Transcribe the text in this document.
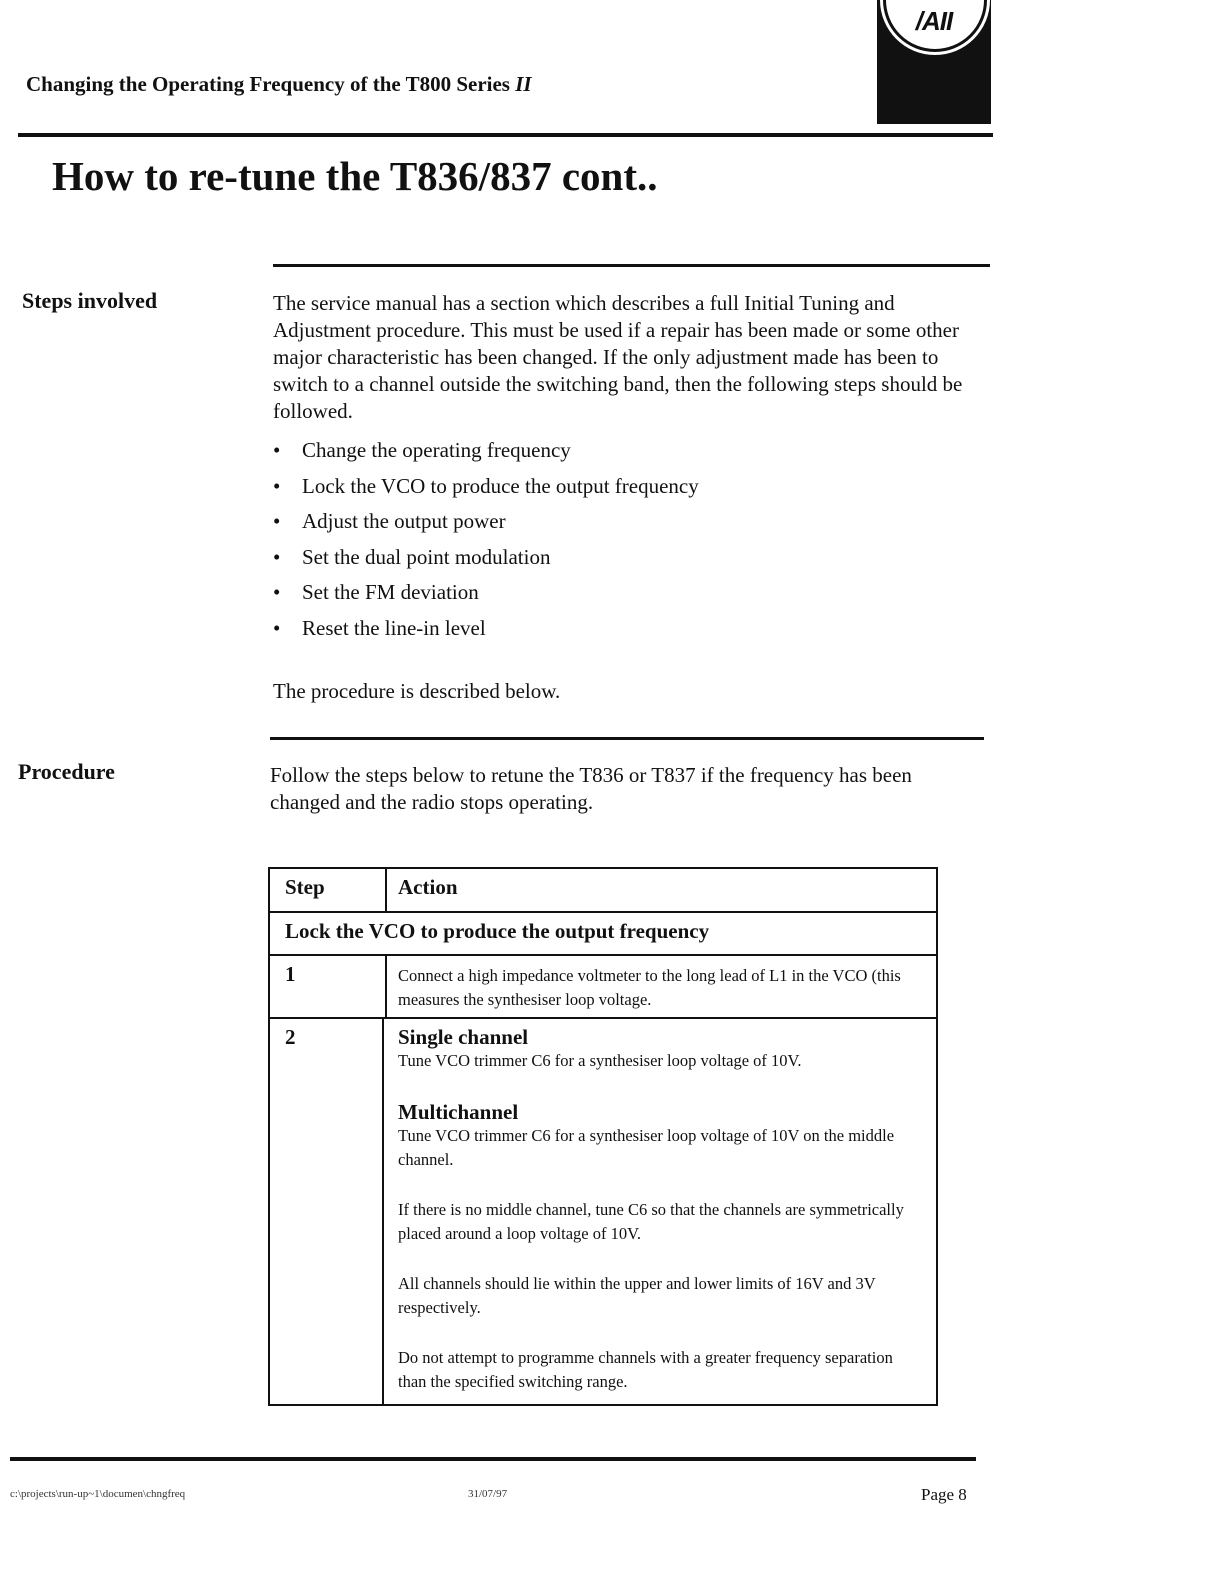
Changing the Operating Frequency of the T800 Series II
/AII
How to re-tune the T836/837 cont..
Steps involved	The service manual has a section which describes a full Initial Tuning and Adjustment procedure. This must be used if a repair has been made or some other major characteristic has been changed. If the only adjustment made has been to switch to a channel outside the switching band, then the following steps should be followed.
• Change the operating frequency
• Lock the VCO to produce the output frequency
• Adjust the output power
• Set the dual point modulation
• Set the FM deviation
• Reset the line-in level
The procedure is described below.
Procedure	Follow the steps below to retune the T836 or T837 if the frequency has been changed and the radio stops operating.
Step	Action
Lock the VCO to produce the output frequency
1	Connect a high impedance voltmeter to the long lead of L1 in the VCO (this measures the synthesiser loop voltage.
2	Single channel
Tune VCO trimmer C6 for a synthesiser loop voltage of 10V.
Multichannel
Tune VCO trimmer C6 for a synthesiser loop voltage of 10V on the middle channel.
If there is no middle channel, tune C6 so that the channels are symmetrically placed around a loop voltage of 10V.
All channels should lie within the upper and lower limits of 16V and 3V respectively.
Do not attempt to programme channels with a greater frequency separation than the specified switching range.
c:\projects\run-up~1\documen\chngfreq	31/07/97	Page 8
